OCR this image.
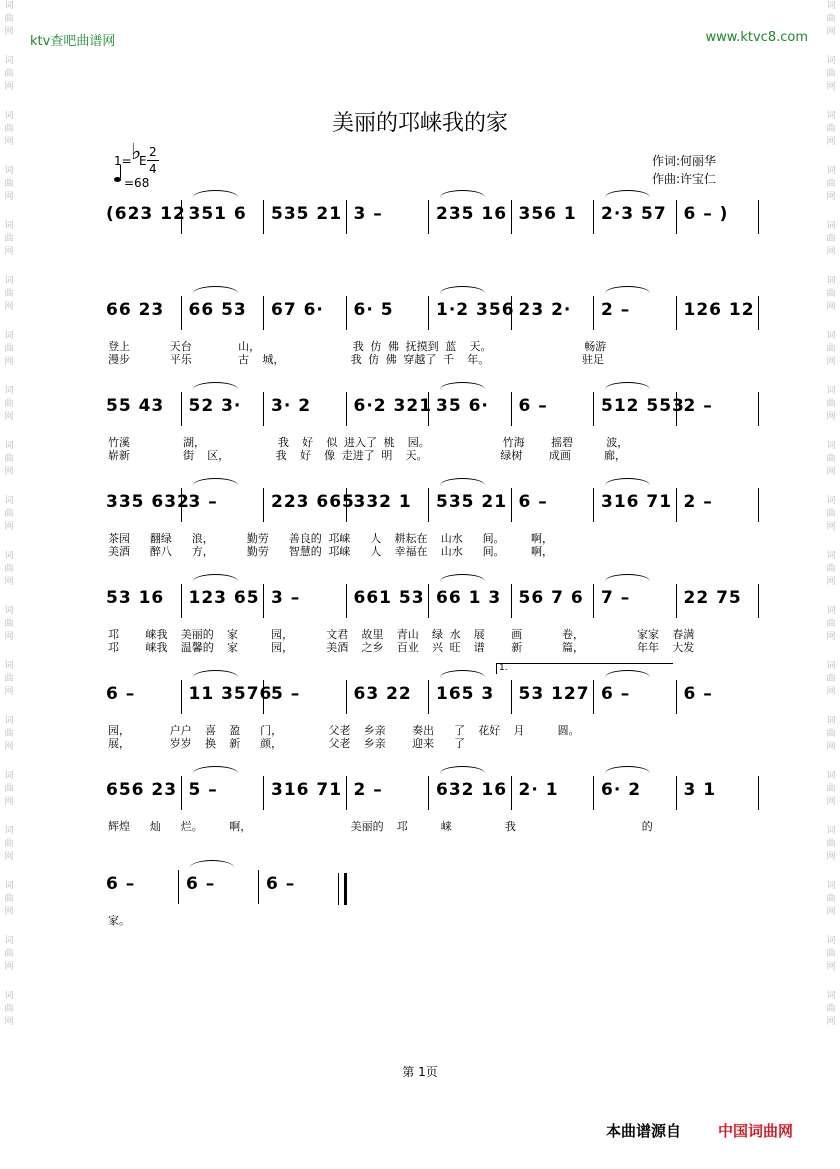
词
曲
网
词
曲
网
词
曲
网
词
曲
网
词
曲
网
词
曲
网
词
曲
网
词
曲
网
词
曲
网
词
曲
网
词
曲
网
词
曲
网
词
曲
网
词
曲
网
词
曲
网
词
曲
网
词
曲
网
词
曲
网
词
曲
网
词
曲
网
词
曲
网
词
曲
网
词
曲
网
词
曲
网
词
曲
网
词
曲
网
词
曲
网
词
曲
网
词
曲
网
词
曲
网
词
曲
网
词
曲
网
词
曲
网
词
曲
网
词
曲
网
词
曲
网
词
曲
网
词
曲
网
ktv查吧曲谱网	www.ktvc8.com
美丽的邛崃我的家
1= ♭
E
2
4
=68
作词:何丽华
作曲:许宝仁
(623 12 351 6 535 21 3 –	235 16 356 1 2·3 57 6 – )
66 23 66 53 67 6· 6· 5 1·2 356 23 2· 2 –	126 12
登上      天台       山，              我 仿 佛 抚摸到 蓝  天。              畅游
漫步      平乐       古  城，          我 仿 佛 穿越了 千  年。              驻足
55 43 52 3· 3· 2 6·2 321 35 6· 6 –	512 553
2 –
竹溪        湖，           我  好  似 进入了 桃  园。           竹海    摇碧     波，
崭新        街  区，       我  好  像 走进了 明  天。           绿树    成画     廊，
335 632
3 –	223 665
332 1 535 21 6 –	316 71 2 –
茶园   翻绿   浪，     勤劳   善良的 邛崃   人  耕耘在  山水   间。    啊，
美酒   醉八   方，     勤劳   智慧的 邛崃   人  幸福在  山水   间。    啊，
53 16 123 65 3 –	661 53 66 1 3 56 7 6 7 –	22 75
邛    崃我  美丽的  家     园，     文君  故里  青山  绿 水  展    画      卷，        家家  春满
邛    崃我  温馨的  家     园，     美酒  之乡  百业  兴 旺  谱    新      篇，        年年  大发
6 –	11 3576
5 –	63 22 165 3 53 127 6 –	6 –
园，      户户  喜  盈   门，       父老  乡亲    奏出   了  花好  月     圆。
展，      岁岁  换  新   颜，       父老  乡亲    迎来   了
656 23 5 –	316 71 2 –	632 16 2· 1 6· 2 3 1
辉煌   灿   烂。    啊，               美丽的  邛     崃        我                   的
6 –	6 –	6 –
家。
1.
第 1页
本曲谱源自 中国词曲网
